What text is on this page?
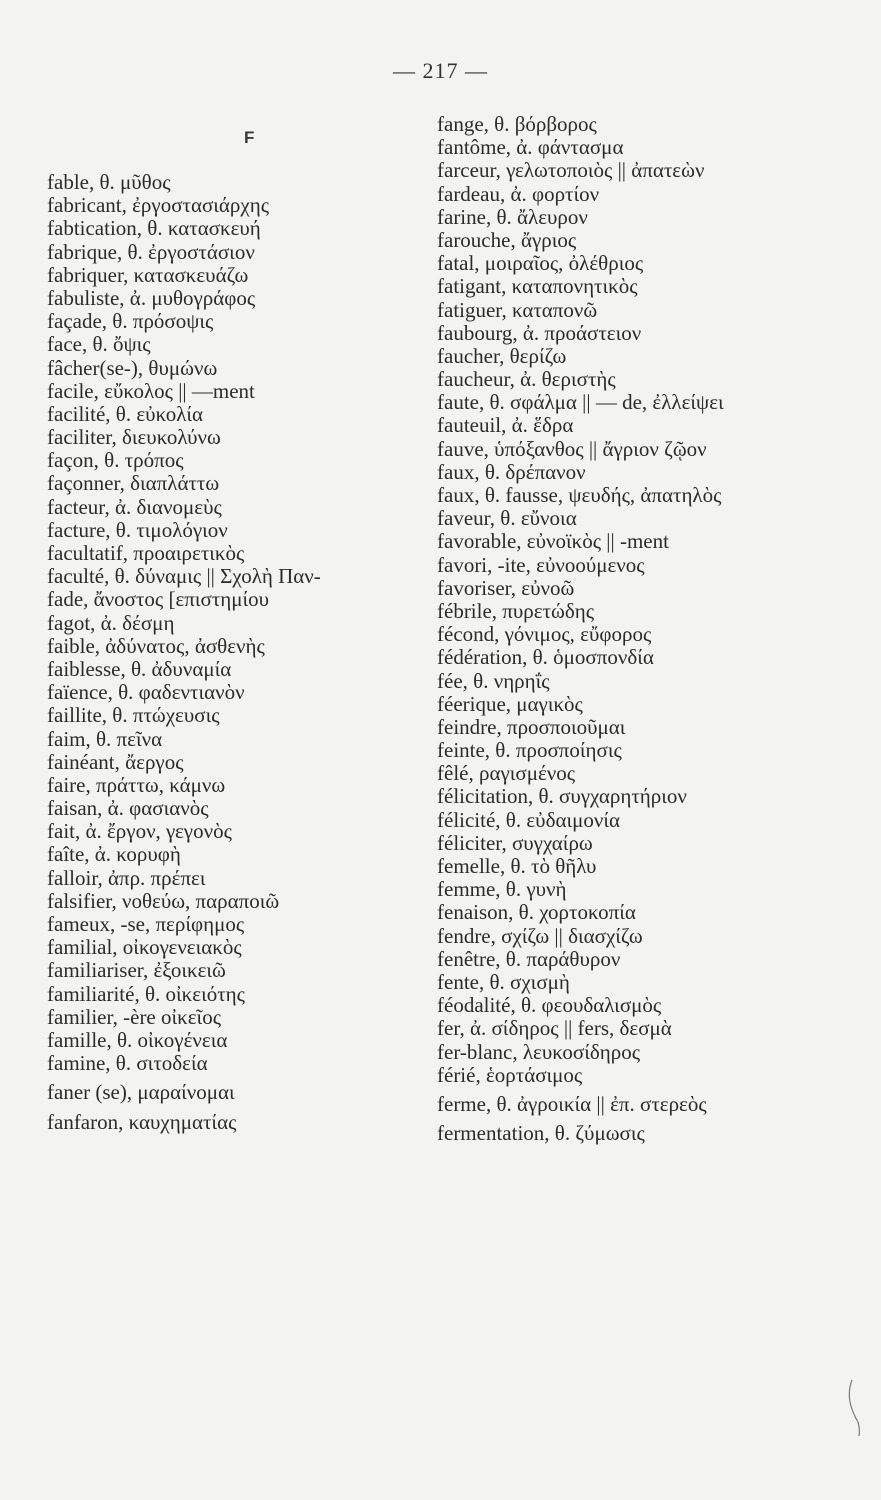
— 217 —
F
fable, θ. μῦθος
fabricant, ἐργοστασιάρχης
fabtication, θ. κατασκευή
fabrique, θ. ἐργοστάσιον
fabriquer, κατασκευάζω
fabuliste, ἀ. μυθογράφος
façade, θ. πρόσοψις
face, θ. ὄψις
fâcher(se-), θυμώνω
facile, εὔκολος || —ment
facilité, θ. εὐκολία
faciliter, διευκολύνω
façon, θ. τρόπος
façonner, διαπλάττω
facteur, ἀ. διανομεὺς
facture, θ. τιμολόγιον
facultatif, προαιρετικὸς
faculté, θ. δύναμις || Σχολὴ Παν-
fade, ἄνοστος [επιστημίου
fagot, ἀ. δέσμη
faible, ἀδύνατος, ἀσθενὴς
faiblesse, θ. ἀδυναμία
faïence, θ. φαδεντιανὸν
faillite, θ. πτώχευσις
faim, θ. πεῖνα
fainéant, ἄεργος
faire, πράττω, κάμνω
faisan, ἀ. φασιανὸς
fait, ἀ. ἔργον, γεγονὸς
faîte, ἀ. κορυφὴ
falloir, ἀπρ. πρέπει
falsifier, νοθεύω, παραποιῶ
fameux, -se, περίφημος
familial, οἰκογενειακὸς
familiariser, ἐξοικειῶ
familiarité, θ. οἰκειότης
familier, -ère οἰκεῖος
famille, θ. οἰκογένεια
famine, θ. σιτοδεία
faner (se), μαραίνομαι
fanfaron, καυχηματίας
fange, θ. βόρβορος
fantôme, ἀ. φάντασμα
farceur, γελωτοποιὸς || ἀπατεὼν
fardeau, ἀ. φορτίον
farine, θ. ἄλευρον
farouche, ἄγριος
fatal, μοιραῖος, ὀλέθριος
fatigant, καταπονητικὸς
fatiguer, καταπονῶ
faubourg, ἀ. προάστειον
faucher, θερίζω
faucheur, ἀ. θεριστὴς
faute, θ. σφάλμα || — de, ἐλλείψει
fauteuil, ἀ. ἕδρα
fauve, ὑπόξανθος || ἄγριον ζῷον
faux, θ. δρέπανον
faux, θ. fausse, ψευδής, ἀπατηλὸς
faveur, θ. εὔνοια
favorable, εὐνοϊκὸς || -ment
favori, -ite, εὐνοούμενος
favoriser, εὐνοῶ
fébrile, πυρετώδης
fécond, γόνιμος, εὔφορος
fédération, θ. ὁμοσπονδία
fée, θ. νηρηΐς
féerique, μαγικὸς
feindre, προσποιοῦμαι
feinte, θ. προσποίησις
fêlé, ραγισμένος
félicitation, θ. συγχαρητήριον
félicité, θ. εὐδαιμονία
féliciter, συγχαίρω
femelle, θ. τὸ θῆλυ
femme, θ. γυνὴ
fenaison, θ. χορτοκοπία
fendre, σχίζω || διασχίζω
fenêtre, θ. παράθυρον
fente, θ. σχισμὴ
féodalité, θ. φεουδαλισμὸς
fer, ἀ. σίδηρος || fers, δεσμὰ
fer-blanc, λευκοσίδηρος
férié, ἑορτάσιμος
ferme, θ. ἀγροικία || ἐπ. στερεὸς
fermentation, θ. ζύμωσις
